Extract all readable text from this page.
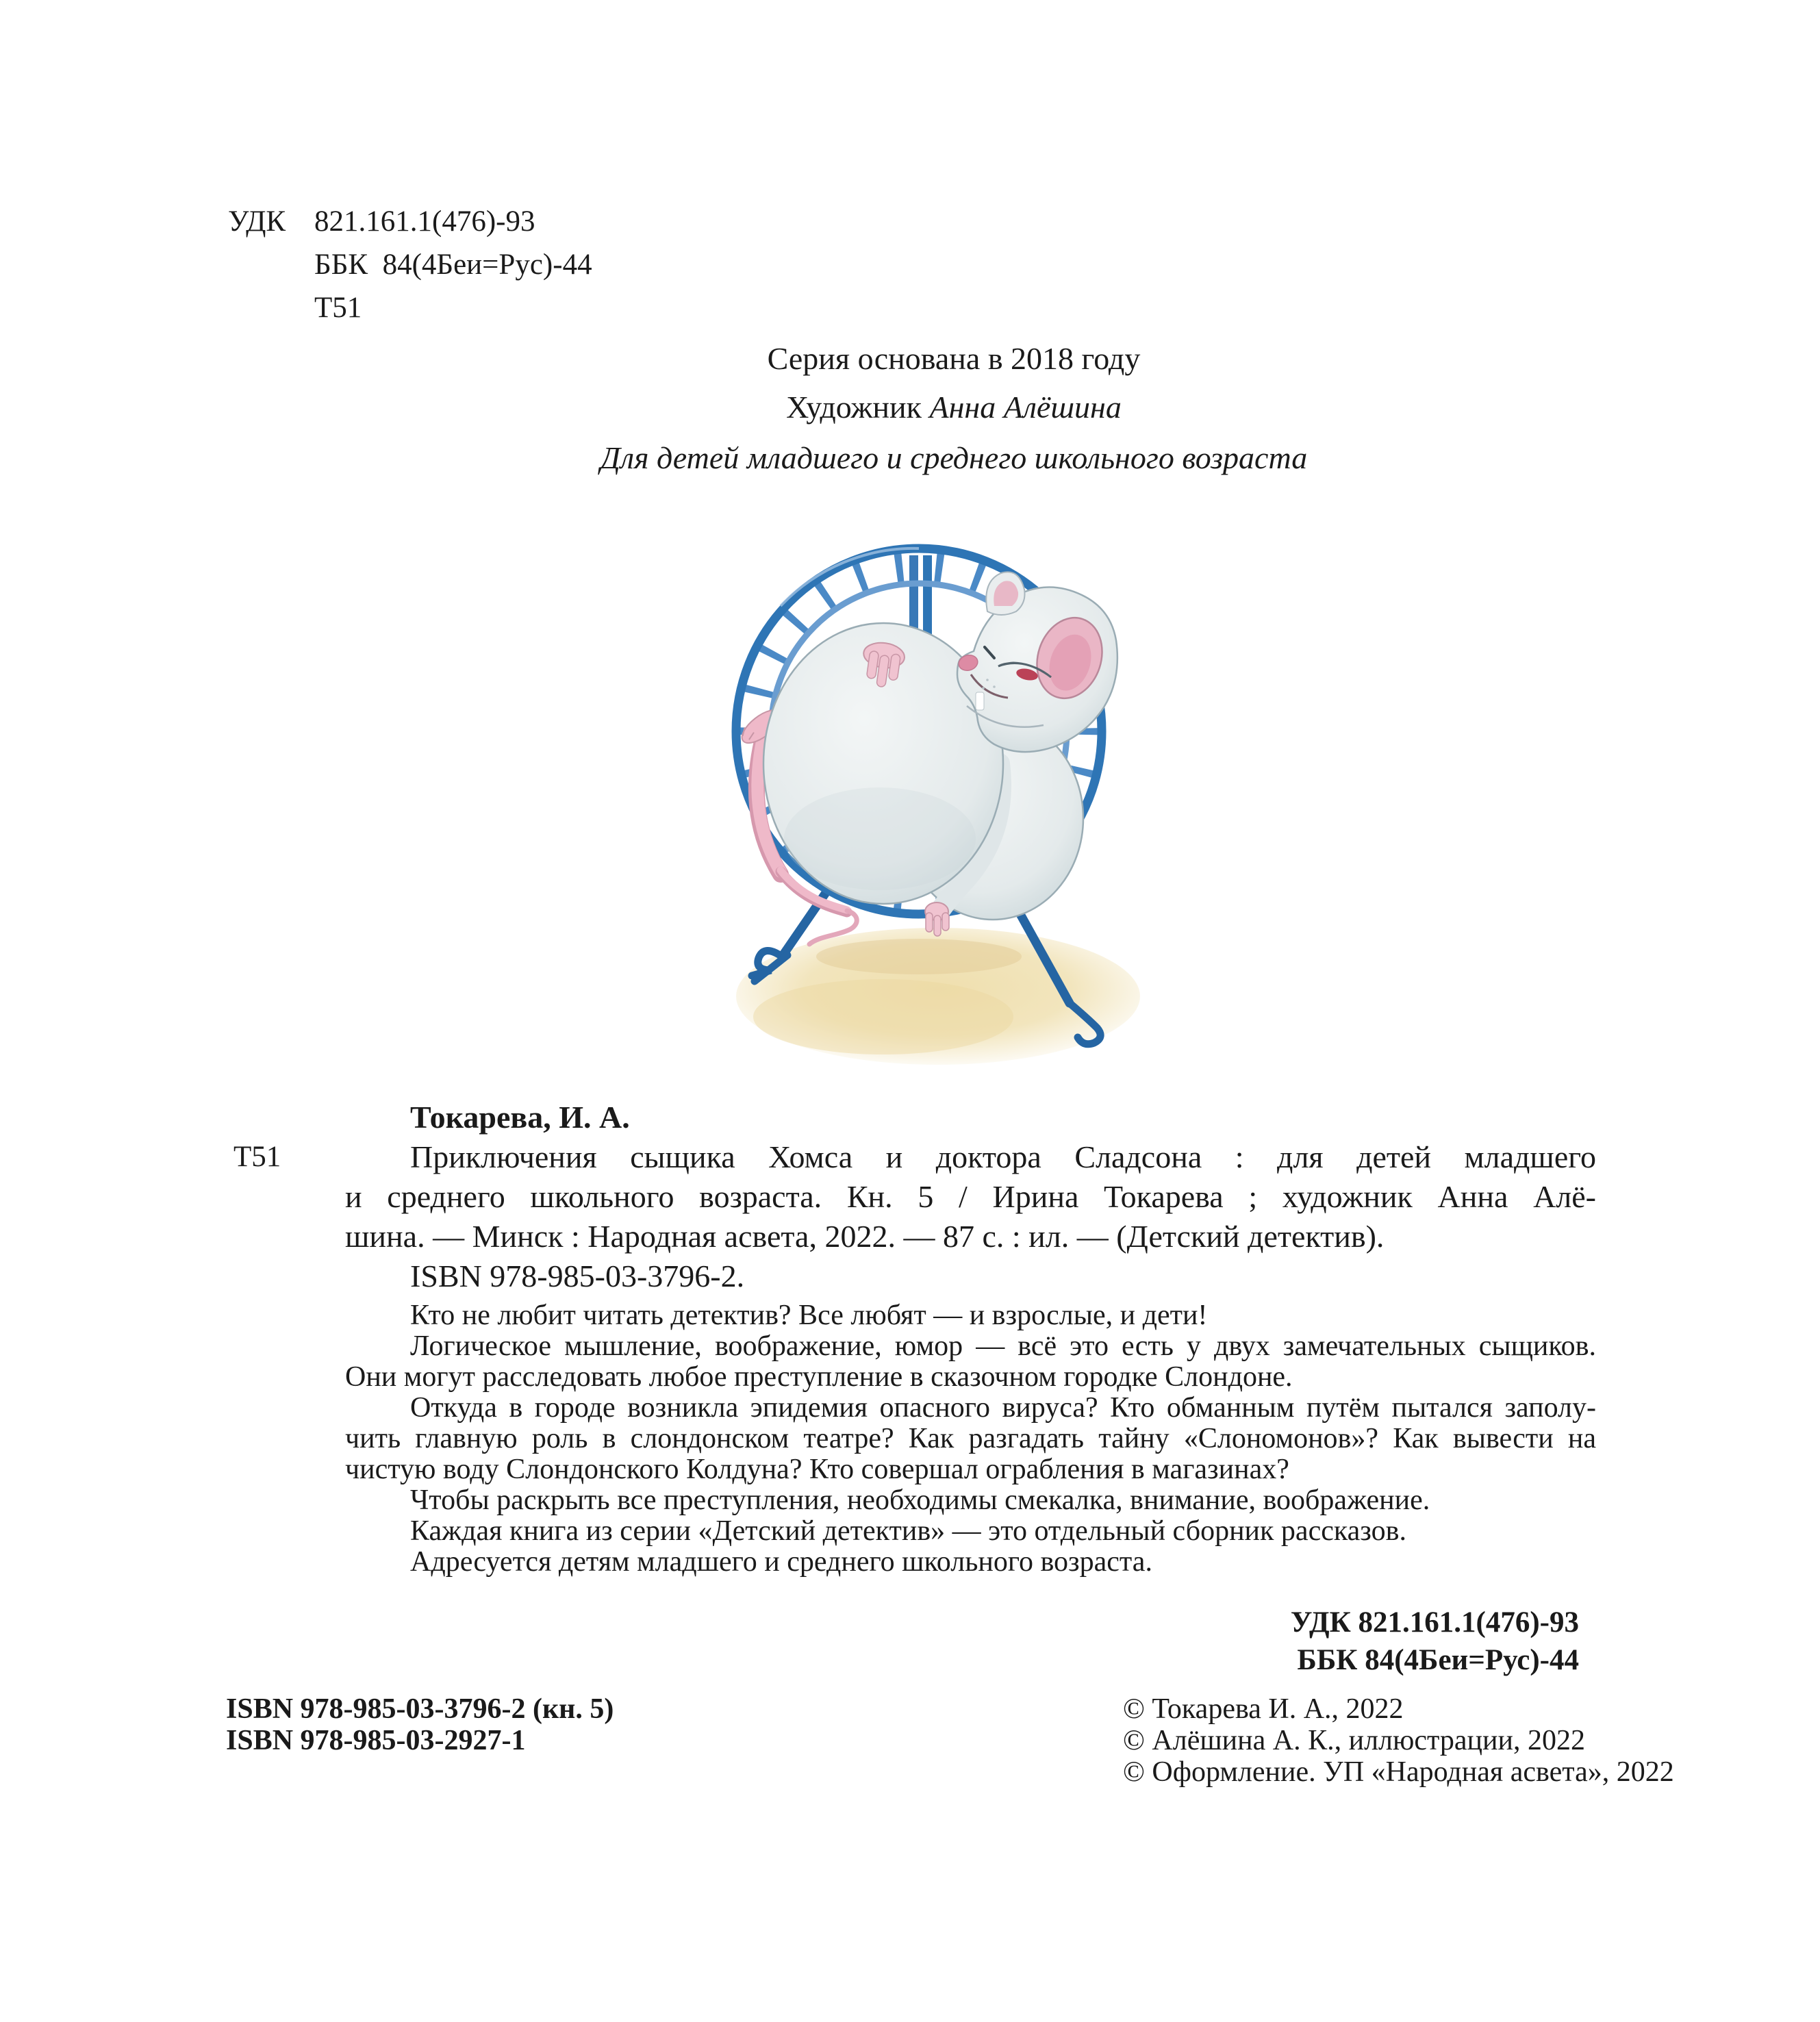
УДК 821.161.1(476)-93
ББК 84(4Беи=Рус)-44
Т51
Серия основана в 2018 году
Художник Анна Алёшина
Для детей младшего и среднего школьного возраста
Т51
Токарева, И. А.
Приключения сыщика Хомса и доктора Сладсона : для детей младшего
и среднего школьного возраста. Кн. 5 / Ирина Токарева ; художник Анна Алё-
шина. — Минск : Народная асвета, 2022. — 87 с. : ил. — (Детский детектив).
ISBN 978-985-03-3796-2.
Кто не любит читать детектив? Все любят — и взрослые, и дети!
Логическое мышление, воображение, юмор — всё это есть у двух замечательных сыщиков.
Они могут расследовать любое преступление в сказочном городке Слондоне.
Откуда в городе возникла эпидемия опасного вируса? Кто обманным путём пытался заполу-
чить главную роль в слондонском театре? Как разгадать тайну «Слономонов»? Как вывести на
чистую воду Слондонского Колдуна? Кто совершал ограбления в магазинах?
Чтобы раскрыть все преступления, необходимы смекалка, внимание, воображение.
Каждая книга из серии «Детский детектив» — это отдельный сборник рассказов.
Адресуется детям младшего и среднего школьного возраста.
УДК 821.161.1(476)-93
ББК 84(4Беи=Рус)-44
ISBN 978-985-03-3796-2 (кн. 5)
ISBN 978-985-03-2927-1
© Токарева И. А., 2022
© Алёшина А. К., иллюстрации, 2022
© Оформление. УП «Народная асвета», 2022
